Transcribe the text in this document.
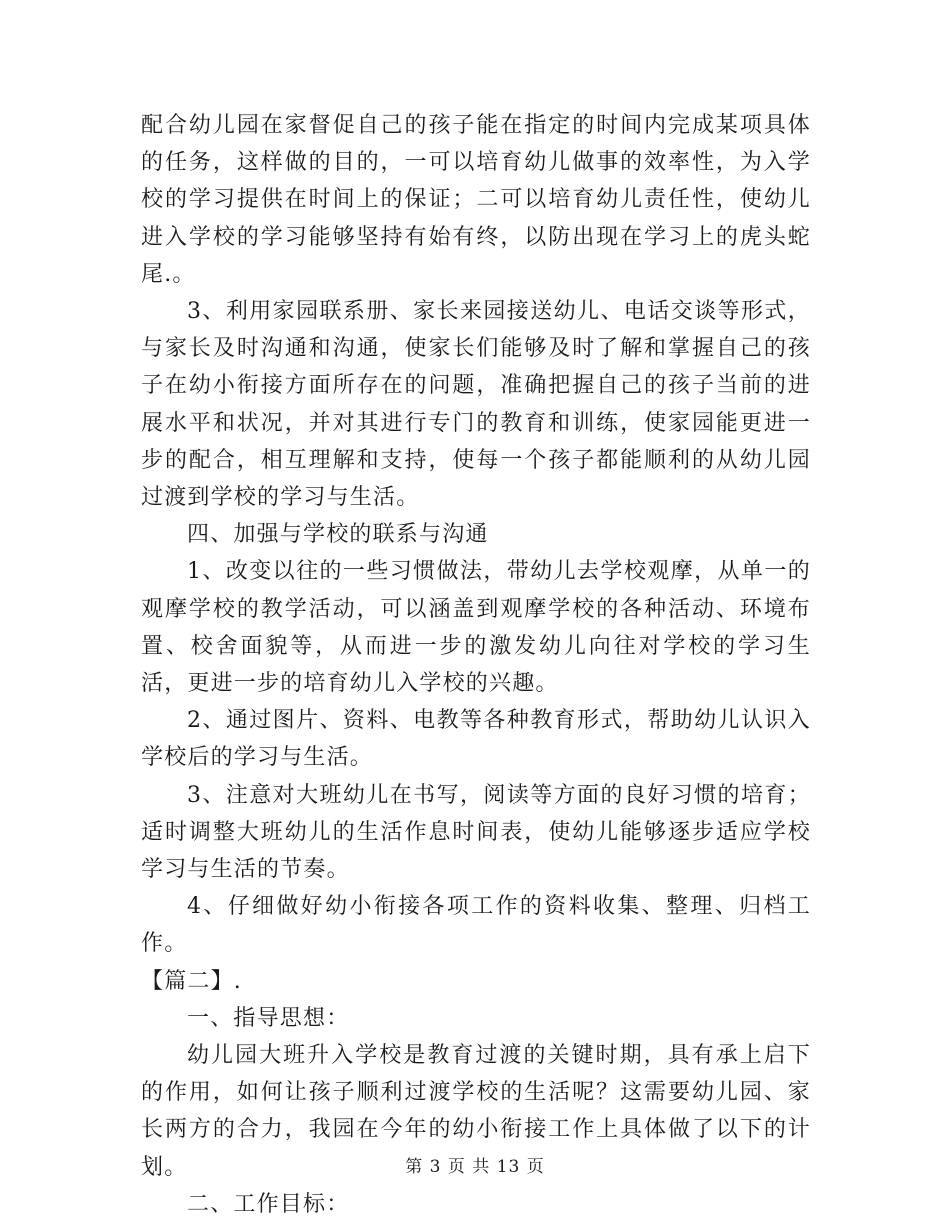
配合幼儿园在家督促自己的孩子能在指定的时间内完成某项具体的任务，这样做的目的，一可以培育幼儿做事的效率性，为入学校的学习提供在时间上的保证；二可以培育幼儿责任性，使幼儿进入学校的学习能够坚持有始有终，以防出现在学习上的虎头蛇尾.。

3、利用家园联系册、家长来园接送幼儿、电话交谈等形式，与家长及时沟通和沟通，使家长们能够及时了解和掌握自己的孩子在幼小衔接方面所存在的问题，准确把握自己的孩子当前的进展水平和状况，并对其进行专门的教育和训练，使家园能更进一步的配合，相互理解和支持，使每一个孩子都能顺利的从幼儿园过渡到学校的学习与生活。

四、加强与学校的联系与沟通

1、改变以往的一些习惯做法，带幼儿去学校观摩，从单一的观摩学校的教学活动，可以涵盖到观摩学校的各种活动、环境布置、校舍面貌等，从而进一步的激发幼儿向往对学校的学习生活，更进一步的培育幼儿入学校的兴趣。

2、通过图片、资料、电教等各种教育形式，帮助幼儿认识入学校后的学习与生活。

3、注意对大班幼儿在书写，阅读等方面的良好习惯的培育；适时调整大班幼儿的生活作息时间表，使幼儿能够逐步适应学校学习与生活的节奏。

4、仔细做好幼小衔接各项工作的资料收集、整理、归档工作。

【篇二】.

一、指导思想：

幼儿园大班升入学校是教育过渡的关键时期，具有承上启下的作用，如何让孩子顺利过渡学校的生活呢？这需要幼儿园、家长两方的合力，我园在今年的幼小衔接工作上具体做了以下的计划。

二、工作目标：

第 3 页 共 13 页
